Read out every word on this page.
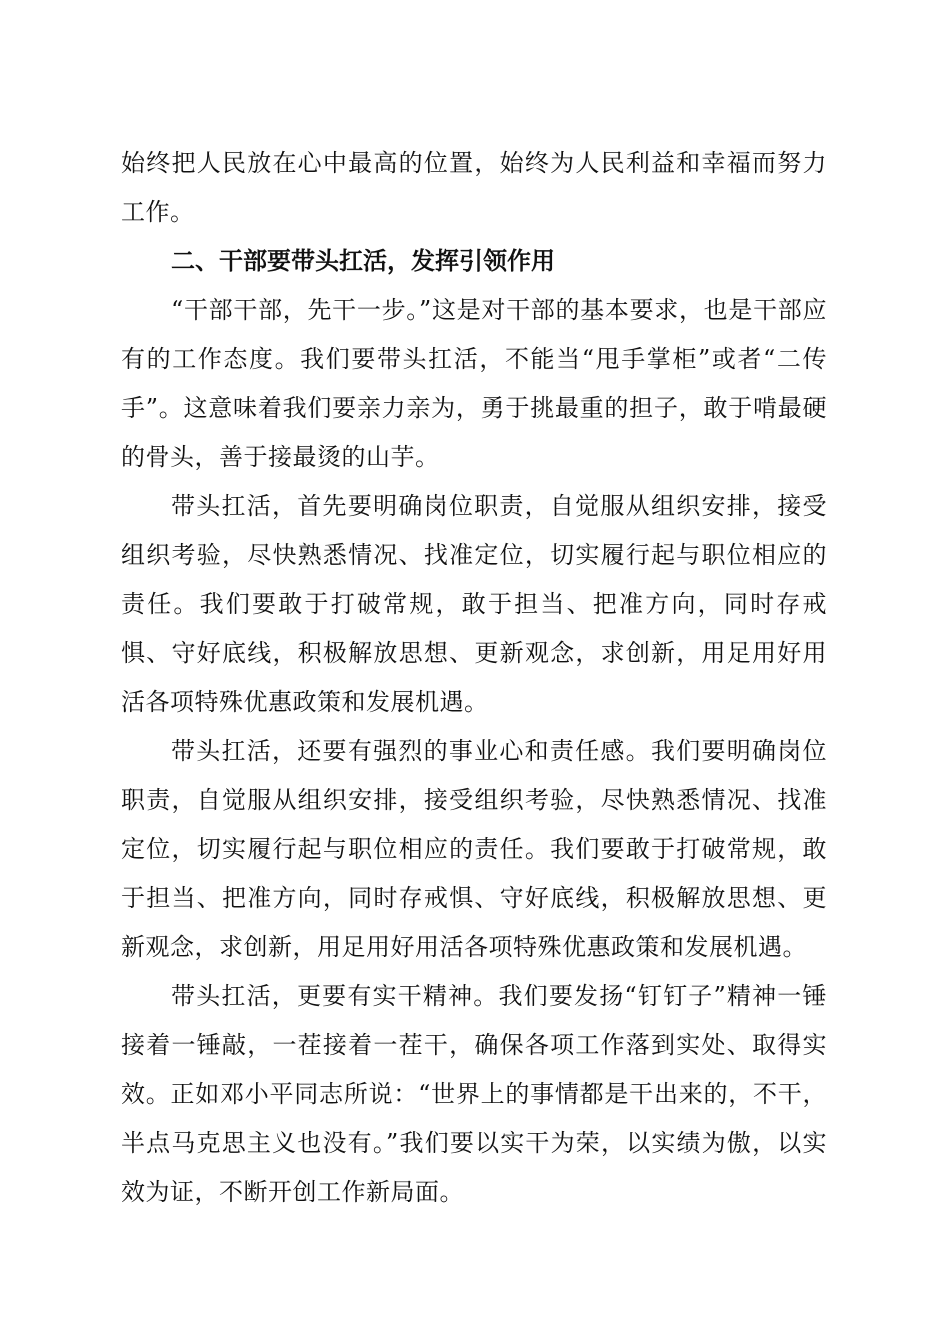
始终把人民放在心中最高的位置，始终为人民利益和幸福而努力工作。

二、干部要带头扛活，发挥引领作用

“干部干部，先干一步。”这是对干部的基本要求，也是干部应有的工作态度。我们要带头扛活，不能当“甩手掌柜”或者“二传手”。这意味着我们要亲力亲为，勇于挑最重的担子，敢于啃最硬的骨头，善于接最烫的山芋。

带头扛活，首先要明确岗位职责，自觉服从组织安排，接受组织考验，尽快熟悉情况、找准定位，切实履行起与职位相应的责任。我们要敢于打破常规，敢于担当、把准方向，同时存戒惧、守好底线，积极解放思想、更新观念，求创新，用足用好用活各项特殊优惠政策和发展机遇。

带头扛活，还要有强烈的事业心和责任感。我们要明确岗位职责，自觉服从组织安排，接受组织考验，尽快熟悉情况、找准定位，切实履行起与职位相应的责任。我们要敢于打破常规，敢于担当、把准方向，同时存戒惧、守好底线，积极解放思想、更新观念，求创新，用足用好用活各项特殊优惠政策和发展机遇。

带头扛活，更要有实干精神。我们要发扬“钉钉子”精神一锤接着一锤敲，一茬接着一茬干，确保各项工作落到实处、取得实效。正如邓小平同志所说：“世界上的事情都是干出来的，不干，半点马克思主义也没有。”我们要以实干为荣，以实绩为傲，以实效为证，不断开创工作新局面。
